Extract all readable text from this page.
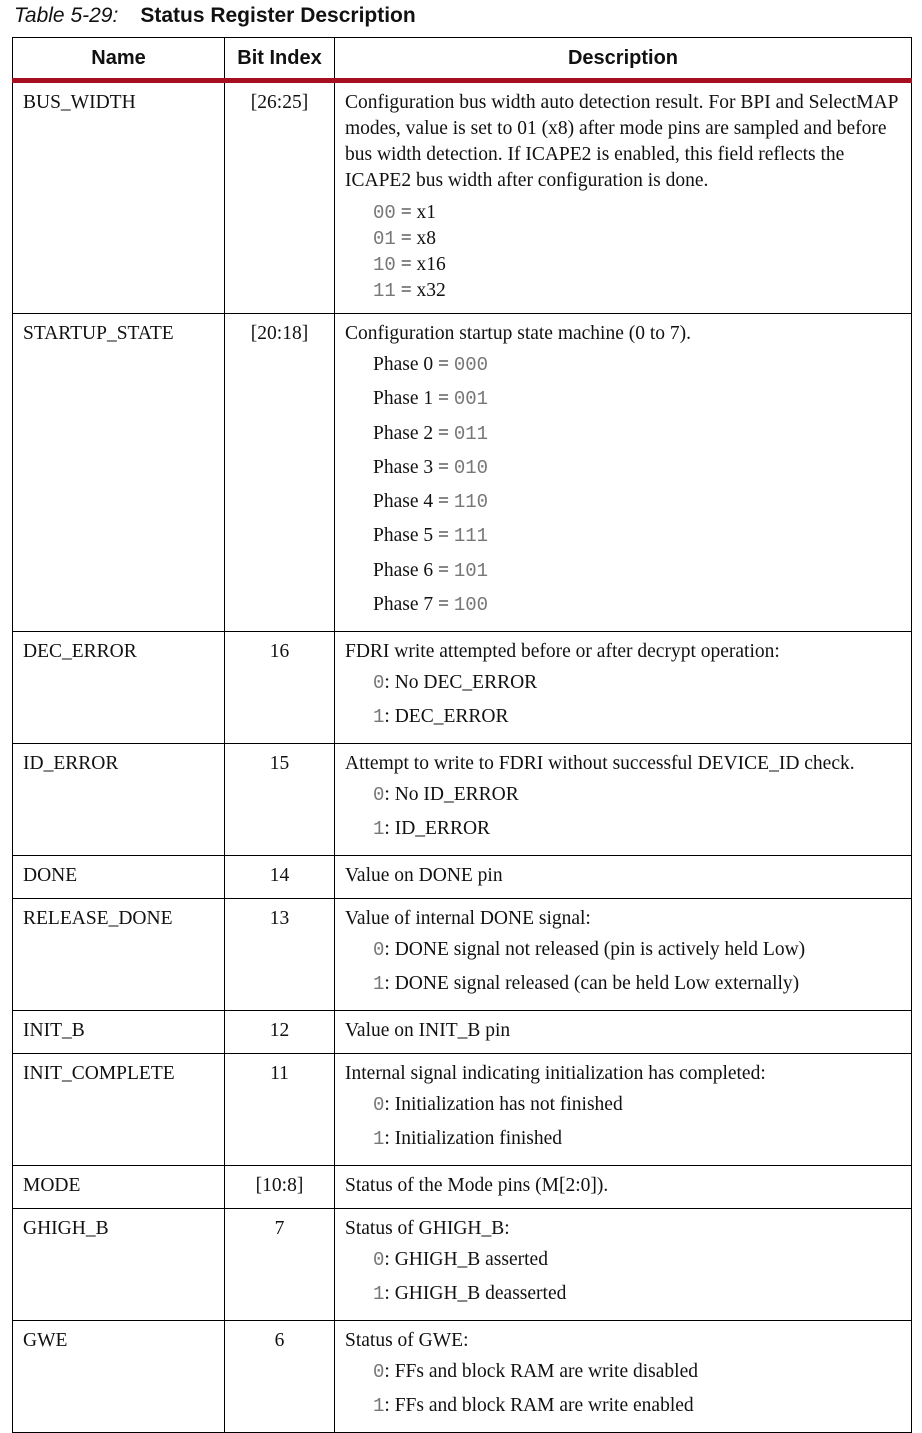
Table 5-29: Status Register Description
Name	Bit Index	Description
BUS_WIDTH	[26:25]	Configuration bus width auto detection result. For BPI and SelectMAP modes, value is set to 01 (x8) after mode pins are sampled and before bus width detection. If ICAPE2 is enabled, this field reflects the ICAPE2 bus width after configuration is done.

00 = x1
01 = x8
10 = x16
11 = x32

STARTUP_STATE	[20:18]	Configuration startup state machine (0 to 7).

Phase 0 = 000
Phase 1 = 001
Phase 2 = 011
Phase 3 = 010
Phase 4 = 110
Phase 5 = 111
Phase 6 = 101
Phase 7 = 100

DEC_ERROR	16	FDRI write attempted before or after decrypt operation:

0: No DEC_ERROR
1: DEC_ERROR

ID_ERROR	15	Attempt to write to FDRI without successful DEVICE_ID check.

0: No ID_ERROR
1: ID_ERROR

DONE	14	Value on DONE pin

RELEASE_DONE	13	Value of internal DONE signal:

0: DONE signal not released (pin is actively held Low)
1: DONE signal released (can be held Low externally)

INIT_B	12	Value on INIT_B pin

INIT_COMPLETE	11	Internal signal indicating initialization has completed:

0: Initialization has not finished
1: Initialization finished

MODE	[10:8]	Status of the Mode pins (M[2:0]).

GHIGH_B	7	Status of GHIGH_B:

0: GHIGH_B asserted
1: GHIGH_B deasserted

GWE	6	Status of GWE:

0: FFs and block RAM are write disabled
1: FFs and block RAM are write enabled
